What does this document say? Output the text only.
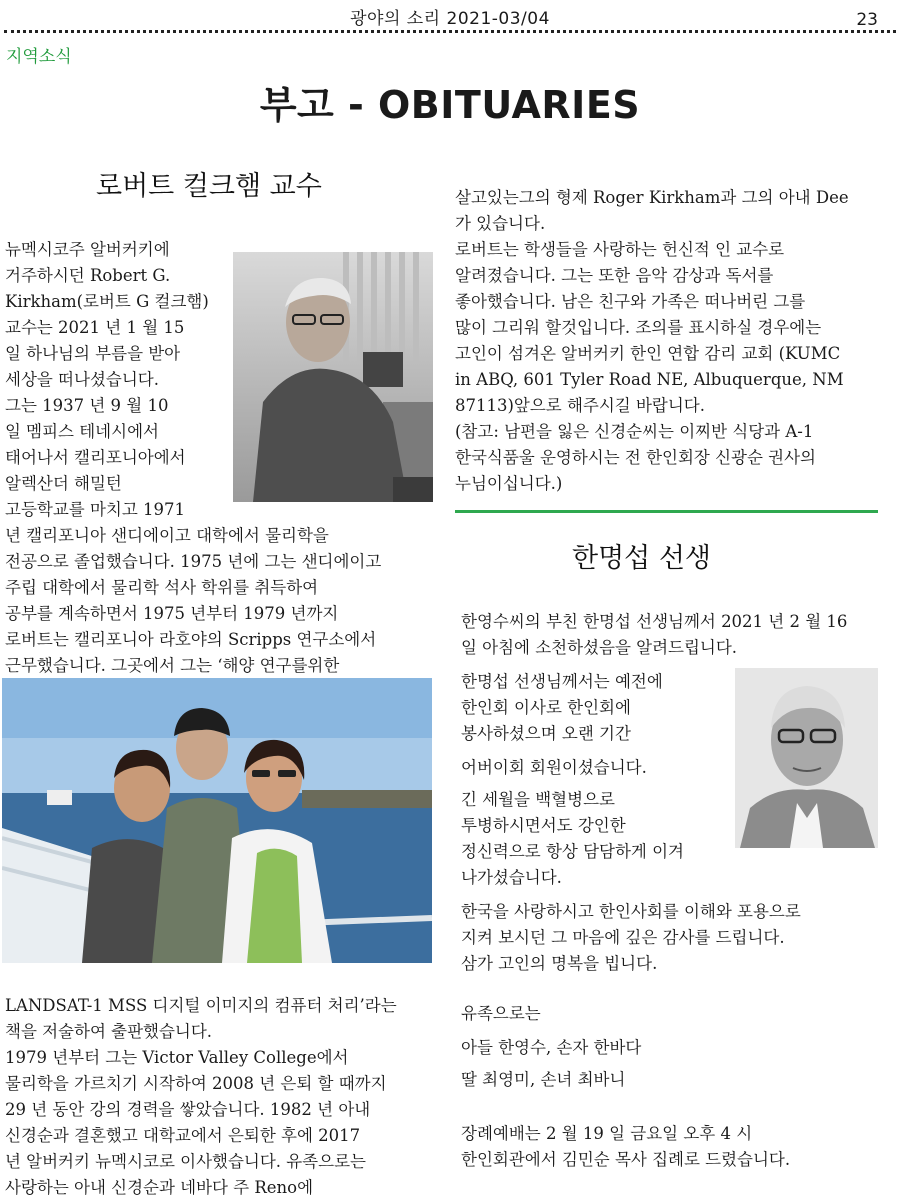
광야의 소리 2021-03/04	23
지역소식
부고 - OBITUARIES
로버트 컬크햄 교수
뉴멕시코주 알버커키에
거주하시던 Robert G.
Kirkham(로버트 G 컬크햄)
교수는 2021 년 1 월 15
일 하나님의 부름을 받아
세상을 떠나셨습니다.
그는 1937 년 9 월 10
일 멤피스 테네시에서
태어나서 캘리포니아에서
알렉산더 해밀턴
고등학교를 마치고 1971
년 캘리포니아 샌디에이고 대학에서 물리학을
전공으로 졸업했습니다. 1975 년에 그는 샌디에이고
주립 대학에서 물리학 석사 학위를 취득하여
공부를 계속하면서 1975 년부터 1979 년까지
로버트는 캘리포니아 라호야의 Scripps 연구소에서
근무했습니다. 그곳에서 그는 ‘해양 연구를위한
LANDSAT-1 MSS 디지털 이미지의 컴퓨터 처리’라는
책을 저술하여 출판했습니다.
1979 년부터 그는 Victor Valley College에서
물리학을 가르치기 시작하여 2008 년 은퇴 할 때까지
29 년 동안 강의 경력을 쌓았습니다. 1982 년 아내
신경순과 결혼했고 대학교에서 은퇴한 후에 2017
년 알버커키 뉴멕시코로 이사했습니다. 유족으로는
사랑하는 아내 신경순과 네바다 주 Reno에
살고있는그의 형제 Roger Kirkham과 그의 아내 Dee
가 있습니다.
로버트는 학생들을 사랑하는 헌신적 인 교수로
알려졌습니다. 그는 또한 음악 감상과 독서를
좋아했습니다. 남은 친구와 가족은 떠나버린 그를
많이 그리워 할것입니다. 조의를 표시하실 경우에는
고인이 섬겨온 알버커키 한인 연합 감리 교회 (KUMC
in ABQ, 601 Tyler Road NE, Albuquerque, NM
87113)앞으로 해주시길 바랍니다.
(참고: 남편을 잃은 신경순씨는 이찌반 식당과 A-1
한국식품울 운영하시는 전 한인회장 신광순 권사의
누님이십니다.)
한명섭 선생
한영수씨의 부친 한명섭 선생님께서 2021 년 2 월 16
일 아침에 소천하셨음을 알려드립니다.
한명섭 선생님께서는 예전에
한인회 이사로 한인회에
봉사하셨으며 오랜 기간
어버이회 회원이셨습니다.
긴 세월을 백혈병으로
투병하시면서도 강인한
정신력으로 항상 담담하게 이겨
나가셨습니다.
한국을 사랑하시고 한인사회를 이해와 포용으로
지켜 보시던 그 마음에 깊은 감사를 드립니다.
삼가 고인의 명복을 빕니다.
유족으로는
아들 한영수, 손자 한바다
딸 최영미, 손녀 최바니
장례예배는 2 월 19 일 금요일 오후 4 시
한인회관에서 김민순 목사 집례로 드렸습니다.
